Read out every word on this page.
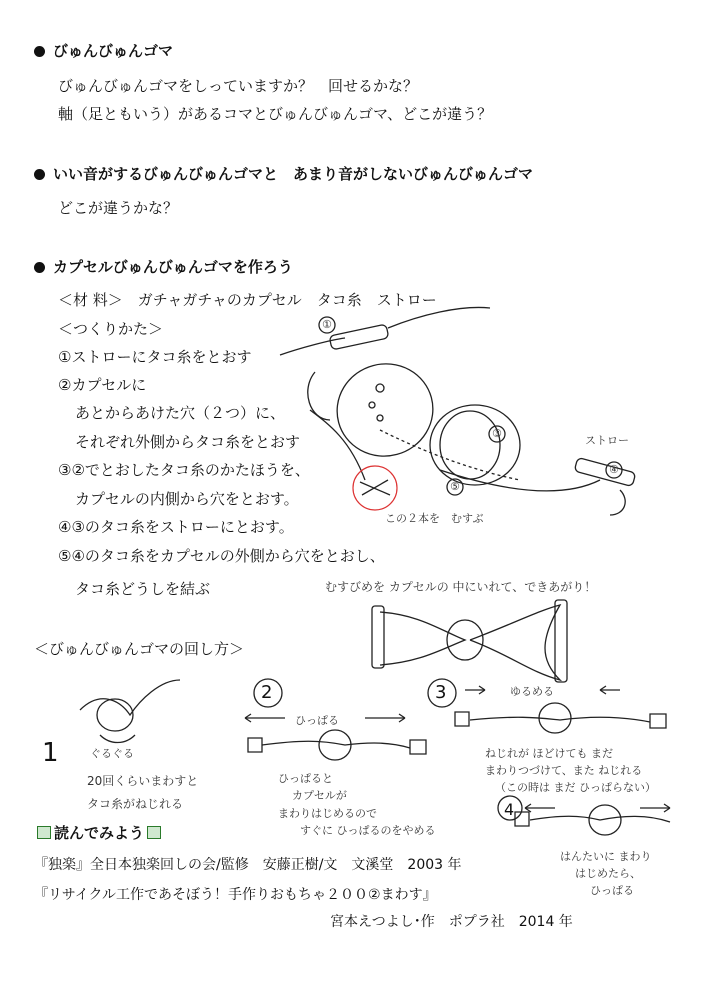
びゅんびゅんゴマ
びゅんびゅんゴマをしっていますか？　回せるかな？
軸（足ともいう）があるコマとびゅんびゅんゴマ、どこが違う？
いい音がするびゅんびゅんゴマと　あまり音がしないびゅんびゅんゴマ
どこが違うかな？
カプセルびゅんびゅんゴマを作ろう
＜材 料＞　ガチャガチャのカプセル　タコ糸　ストロー
＜つくりかた＞
①ストローにタコ糸をとおす
②カプセルに
あとからあけた穴（２つ）に、
それぞれ外側からタコ糸をとおす
③②でとおしたタコ糸のかたほうを、
カプセルの内側から穴をとおす。
④③のタコ糸をストローにとおす。
⑤④のタコ糸をカプセルの外側から穴をとおし、
タコ糸どうしを結ぶ
①
③
④
⑤
ストロー
この２本を　むすぶ
むすびめを カプセルの 中にいれて、できあがり！
＜びゅんびゅんゴマの回し方＞
1	ぐるぐる
20回くらいまわすと
タコ糸がねじれる
2
ひっぱる
ひっぱると
カプセルが
まわりはじめるので
すぐに ひっぱるのをやめる
3	ゆるめる
ねじれが ほどけても まだ
まわりつづけて、また ねじれる
（この時は まだ ひっぱらない）
4
はんたいに まわり
はじめたら、
ひっぱる
読んでみよう
『独楽』全日本独楽回しの会/監修　安藤正樹/文　文溪堂　2003 年
『リサイクル工作であそぼう！手作りおもちゃ２００②まわす』
宮本えつよし･作　ポプラ社　2014 年
